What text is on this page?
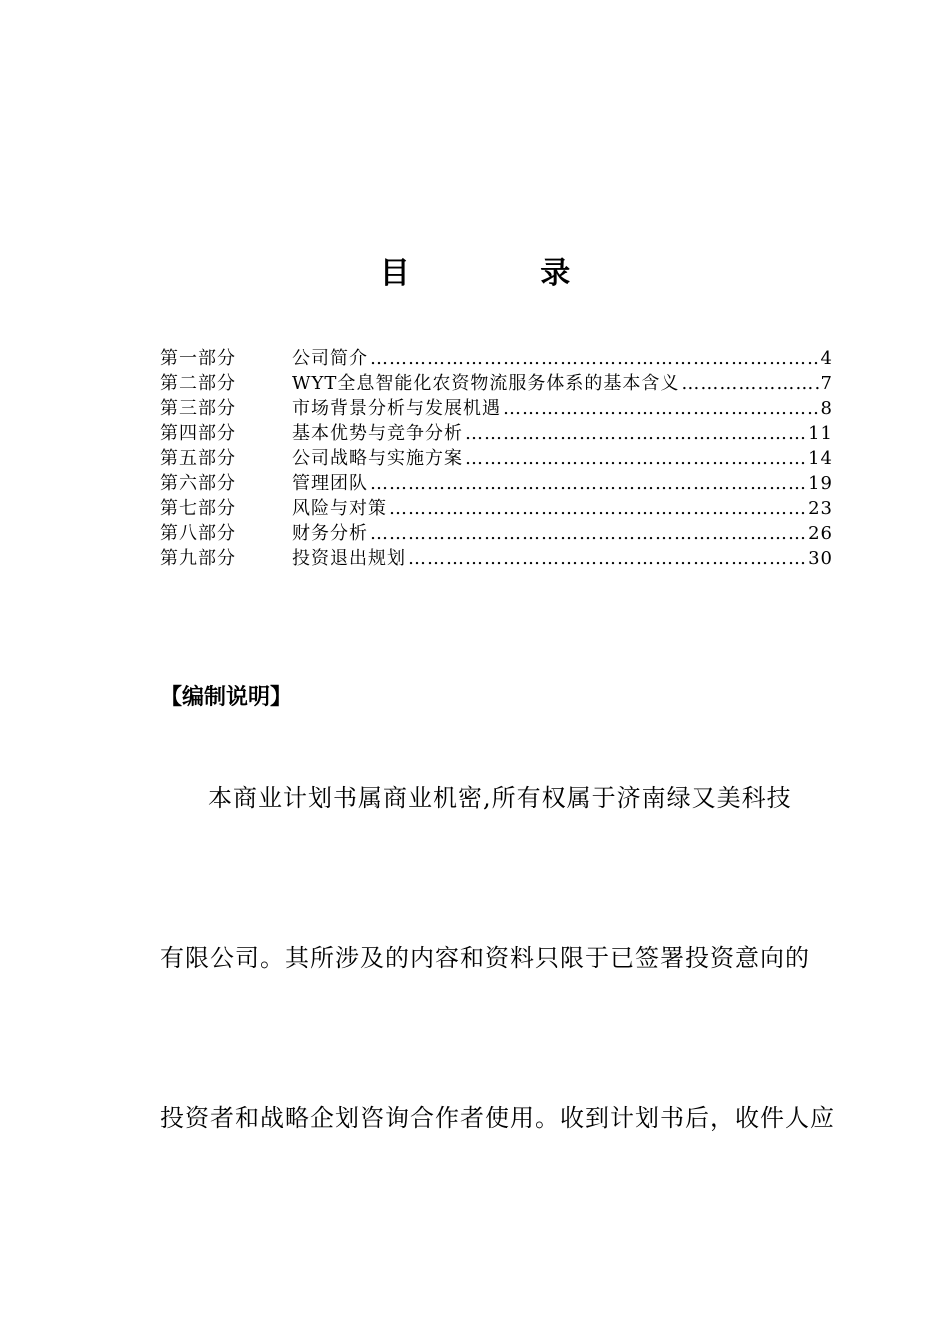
目 录
第一部分	公司简介 …………………………………………………………………………………………………………	4
第二部分	WYT全息智能化农资物流服务体系的基本含义 …………………………………………………………………………………………………………	7
第三部分	市场背景分析与发展机遇 …………………………………………………………………………………………………………	8
第四部分	基本优势与竞争分析 …………………………………………………………………………………………………………	11
第五部分	公司战略与实施方案 …………………………………………………………………………………………………………	14
第六部分	管理团队 …………………………………………………………………………………………………………	19
第七部分	风险与对策 …………………………………………………………………………………………………………	23
第八部分	财务分析 …………………………………………………………………………………………………………	26
第九部分	投资退出规划 …………………………………………………………………………………………………………	30
【编制说明】
本商业计划书属商业机密,所有权属于济南绿又美科技
有限公司。其所涉及的内容和资料只限于已签署投资意向的
投资者和战略企划咨询合作者使用。收到计划书后，收件人应
